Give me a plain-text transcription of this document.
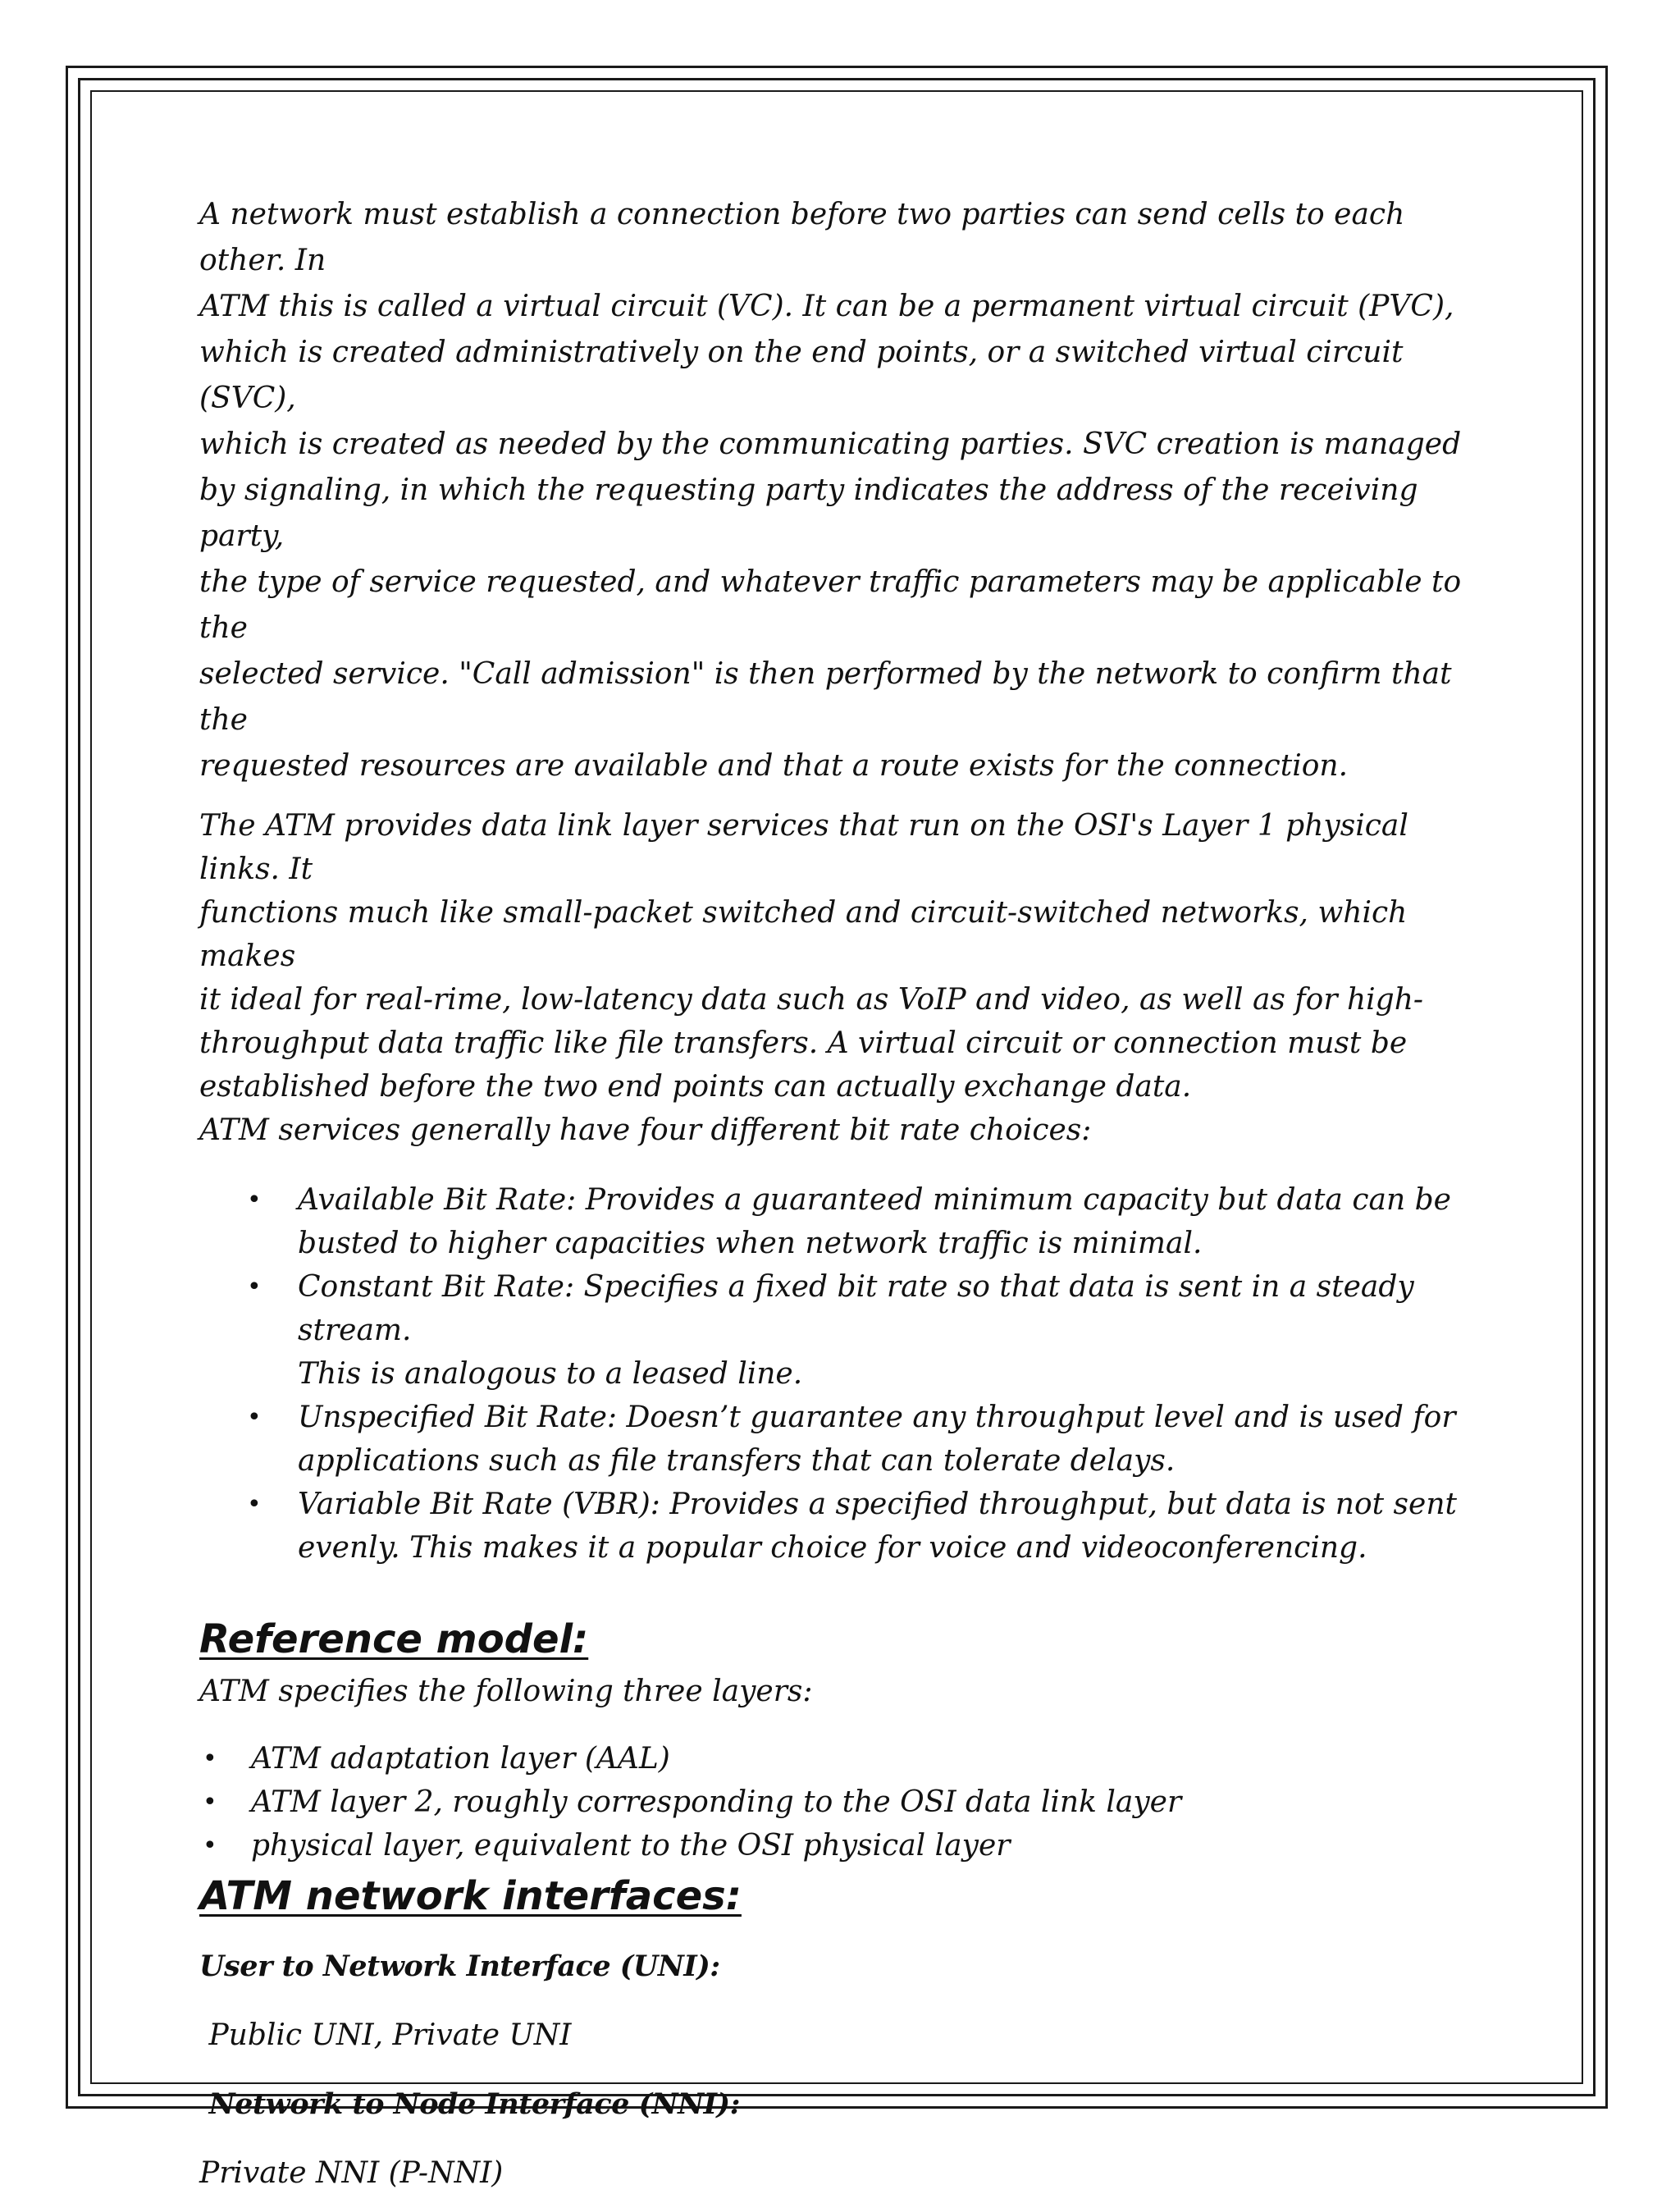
A network must establish a connection before two parties can send cells to each other. In

ATM this is called a virtual circuit (VC). It can be a permanent virtual circuit (PVC),

which is created administratively on the end points, or a switched virtual circuit (SVC),

which is created as needed by the communicating parties. SVC creation is managed

by signaling, in which the requesting party indicates the address of the receiving party,

the type of service requested, and whatever traffic parameters may be applicable to the

selected service. "Call admission" is then performed by the network to confirm that the

requested resources are available and that a route exists for the connection.

The ATM provides data link layer services that run on the OSI's Layer 1 physical links. It

functions much like small-packet switched and circuit-switched networks, which makes

it ideal for real-rime, low-latency data such as VoIP and video, as well as for high-

throughput data traffic like file transfers. A virtual circuit or connection must be

established before the two end points can actually exchange data.

ATM services generally have four different bit rate choices:

• Available Bit Rate: Provides a guaranteed minimum capacity but data can be
busted to higher capacities when network traffic is minimal.
• Constant Bit Rate: Specifies a fixed bit rate so that data is sent in a steady stream.
This is analogous to a leased line.
• Unspecified Bit Rate: Doesn’t guarantee any throughput level and is used for
applications such as file transfers that can tolerate delays.
• Variable Bit Rate (VBR): Provides a specified throughput, but data is not sent
evenly. This makes it a popular choice for voice and videoconferencing.
Reference model:

ATM specifies the following three layers:

• ATM adaptation layer (AAL)
• ATM layer 2, roughly corresponding to the OSI data link layer
• physical layer, equivalent to the OSI physical layer
ATM network interfaces:

User to Network Interface (UNI):

Public UNI, Private UNI

Network to Node Interface (NNI):

Private NNI (P-NNI)
